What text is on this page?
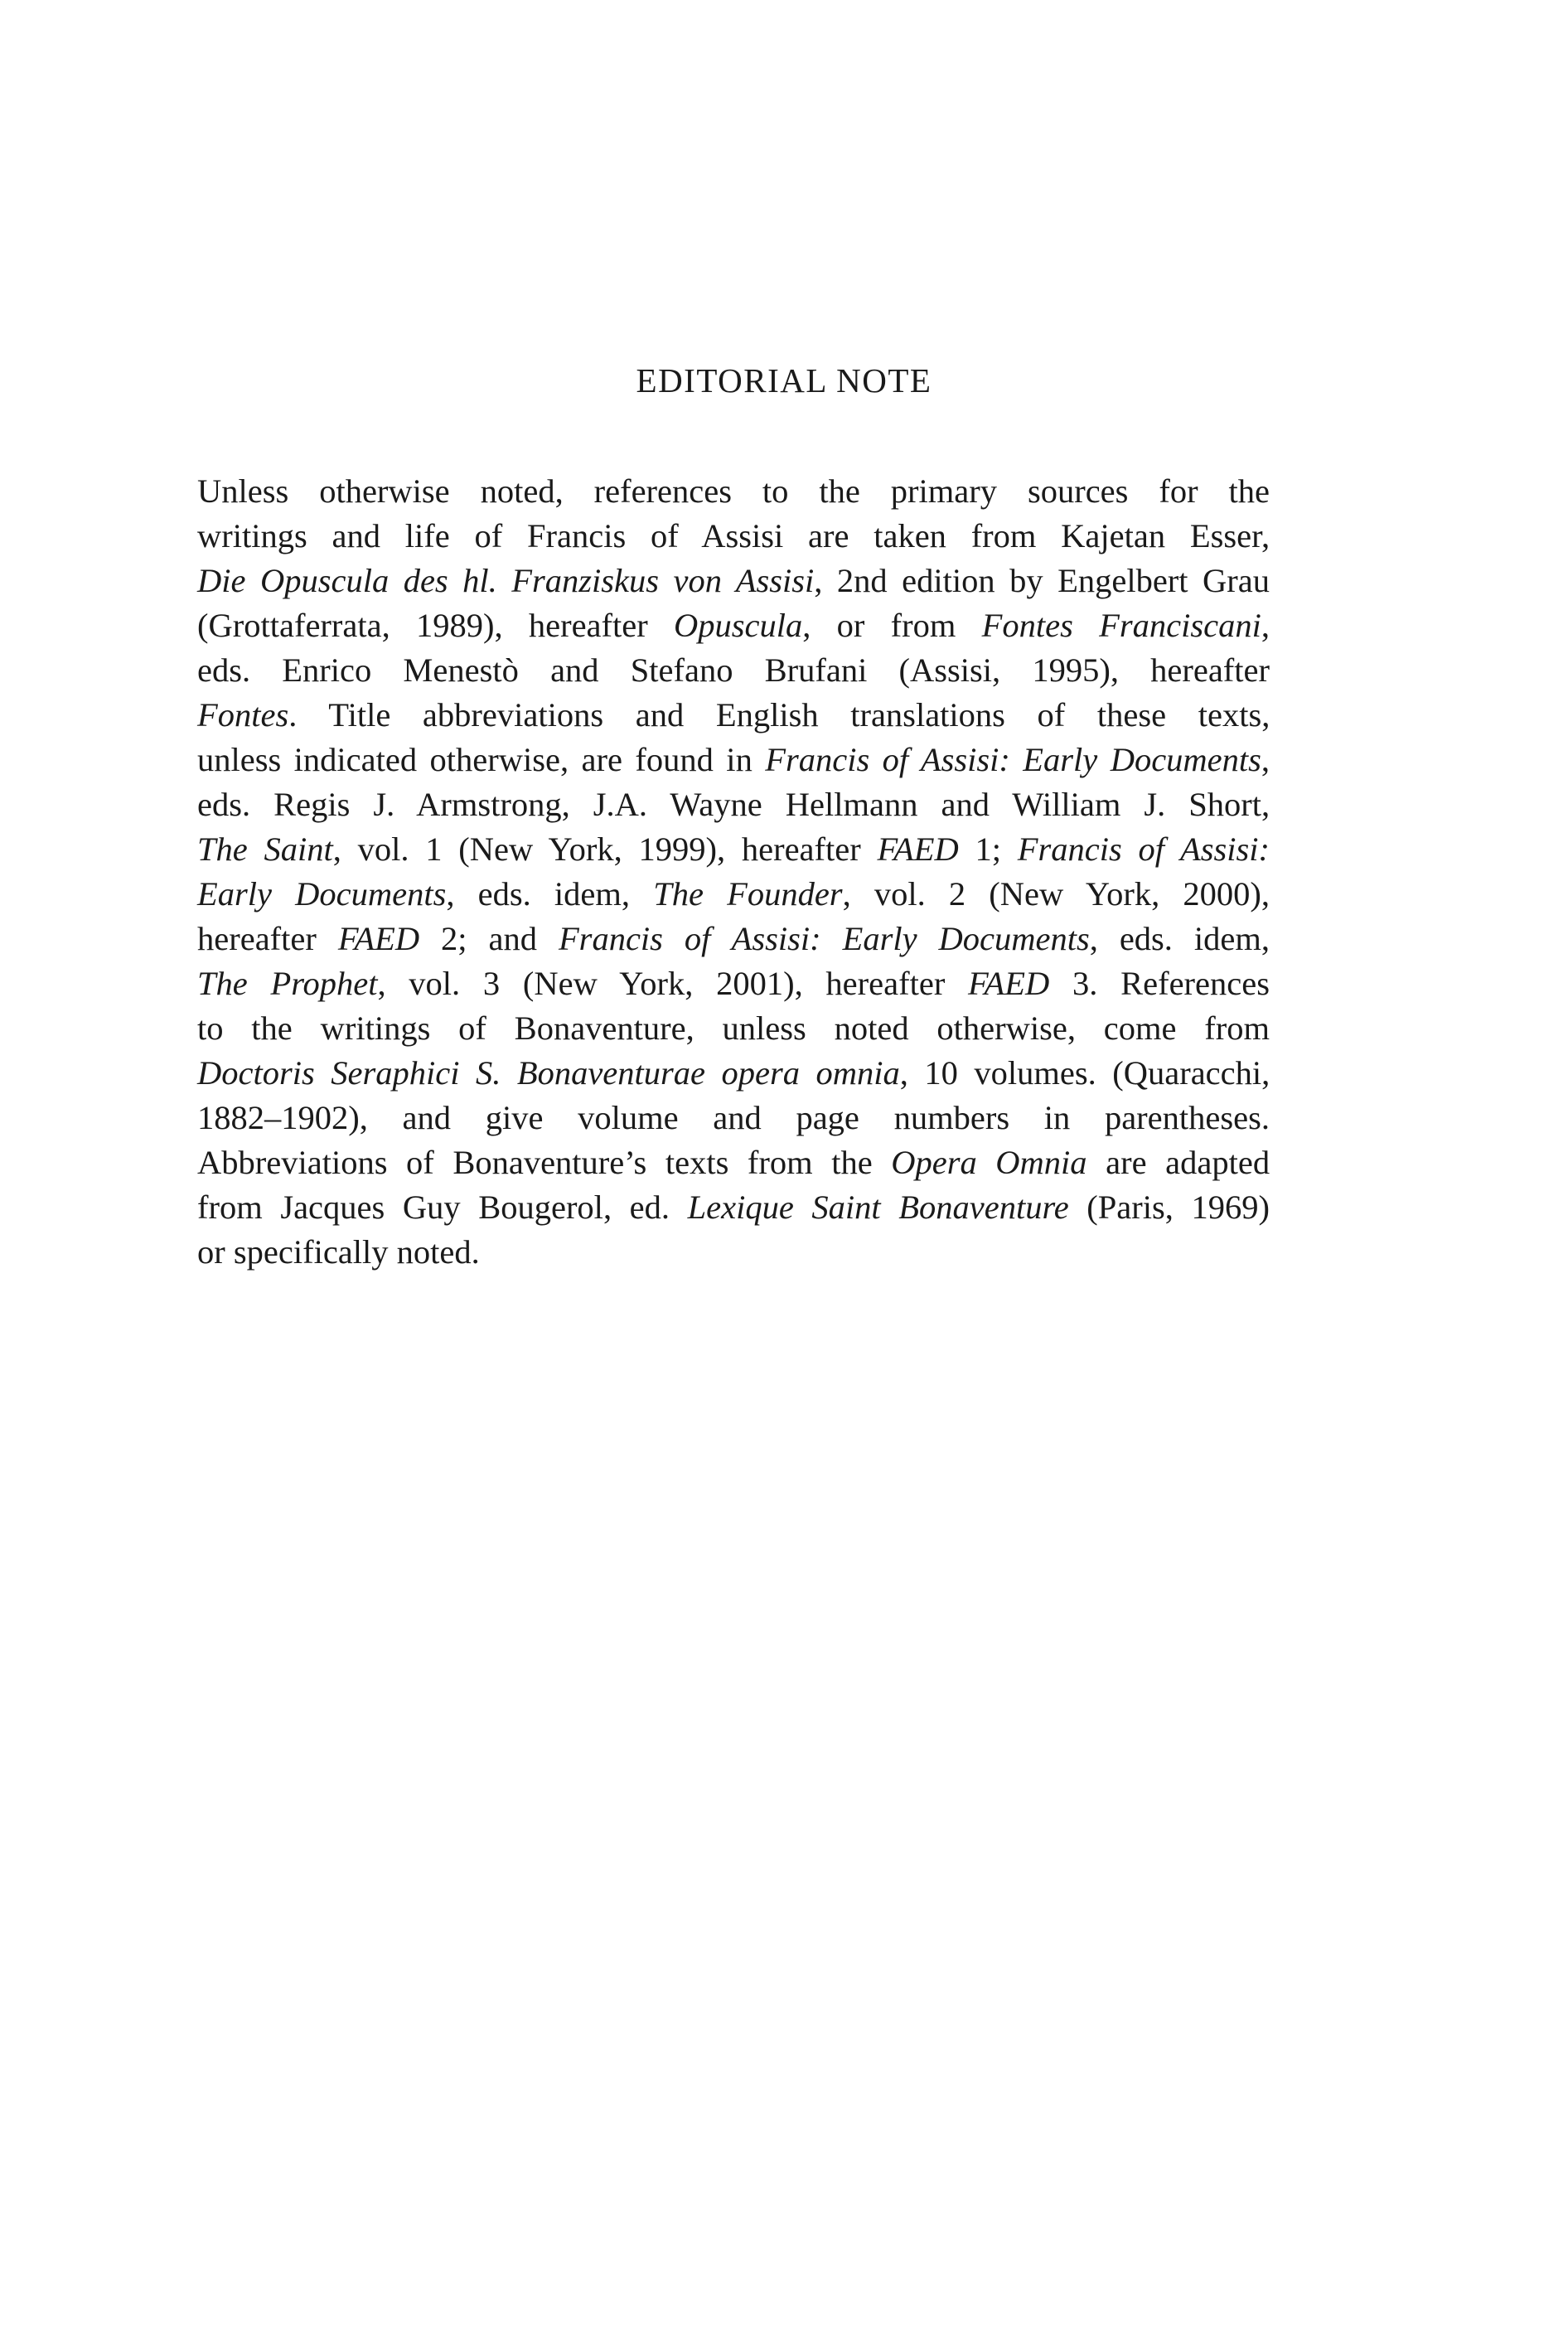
EDITORIAL NOTE
Unless otherwise noted, references to the primary sources for the
writings and life of Francis of Assisi are taken from Kajetan Esser,
Die Opuscula des hl. Franziskus von Assisi, 2nd edition by Engelbert Grau
(Grottaferrata, 1989), hereafter Opuscula, or from Fontes Franciscani,
eds. Enrico Menestò and Stefano Brufani (Assisi, 1995), hereafter
Fontes. Title abbreviations and English translations of these texts,
unless indicated otherwise, are found in Francis of Assisi: Early Documents,
eds. Regis J. Armstrong, J.A. Wayne Hellmann and William J. Short,
The Saint, vol. 1 (New York, 1999), hereafter FAED 1; Francis of Assisi:
Early Documents, eds. idem, The Founder, vol. 2 (New York, 2000),
hereafter FAED 2; and Francis of Assisi: Early Documents, eds. idem,
The Prophet, vol. 3 (New York, 2001), hereafter FAED 3. References
to the writings of Bonaventure, unless noted otherwise, come from
Doctoris Seraphici S. Bonaventurae opera omnia, 10 volumes. (Quaracchi,
1882–1902), and give volume and page numbers in parentheses.
Abbreviations of Bonaventure’s texts from the Opera Omnia are adapted
from Jacques Guy Bougerol, ed. Lexique Saint Bonaventure (Paris, 1969)
or specifically noted.
